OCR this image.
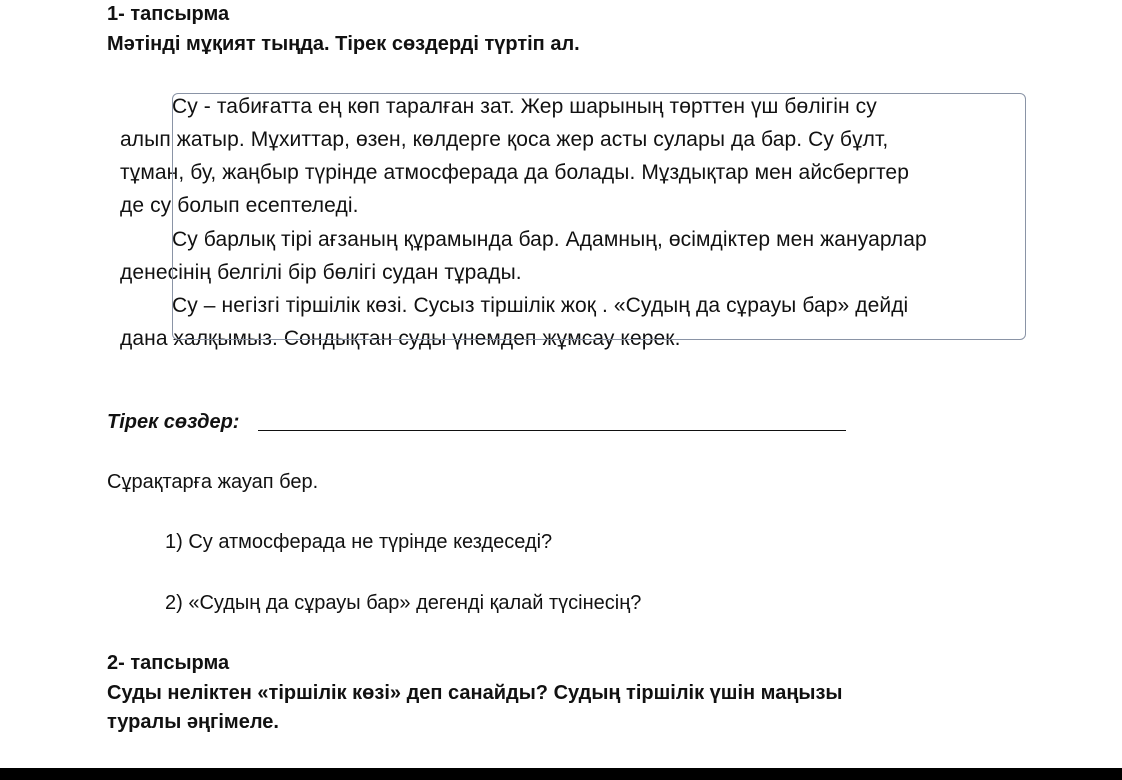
1- тапсырма
Мәтінді мұқият тыңда. Тірек сөздерді түртіп ал.
Су - табиғатта ең көп таралған зат. Жер шарының төрттен үш бөлігін су
алып жатыр. Мұхиттар, өзен, көлдерге қоса жер асты сулары да бар. Су бұлт,
тұман, бу, жаңбыр түрінде атмосферада да болады. Мұздықтар мен айсбергтер
де су болып есептеледі.
Су барлық тірі ағзаның құрамында бар. Адамның, өсімдіктер мен жануарлар
денесінің белгілі бір бөлігі судан тұрады.
Су – негізгі тіршілік көзі. Сусыз тіршілік жоқ . «Судың да сұрауы бар» дейді
дана халқымыз. Сондықтан суды үнемдеп жұмсау керек.
Тірек сөздер:
Сұрақтарға жауап бер.
1) Су атмосферада не түрінде кездеседі?
2) «Судың да сұрауы бар» дегенді қалай түсінесің?
2- тапсырма
Суды неліктен «тіршілік көзі» деп санайды? Судың тіршілік үшін маңызы
туралы әңгімеле.
